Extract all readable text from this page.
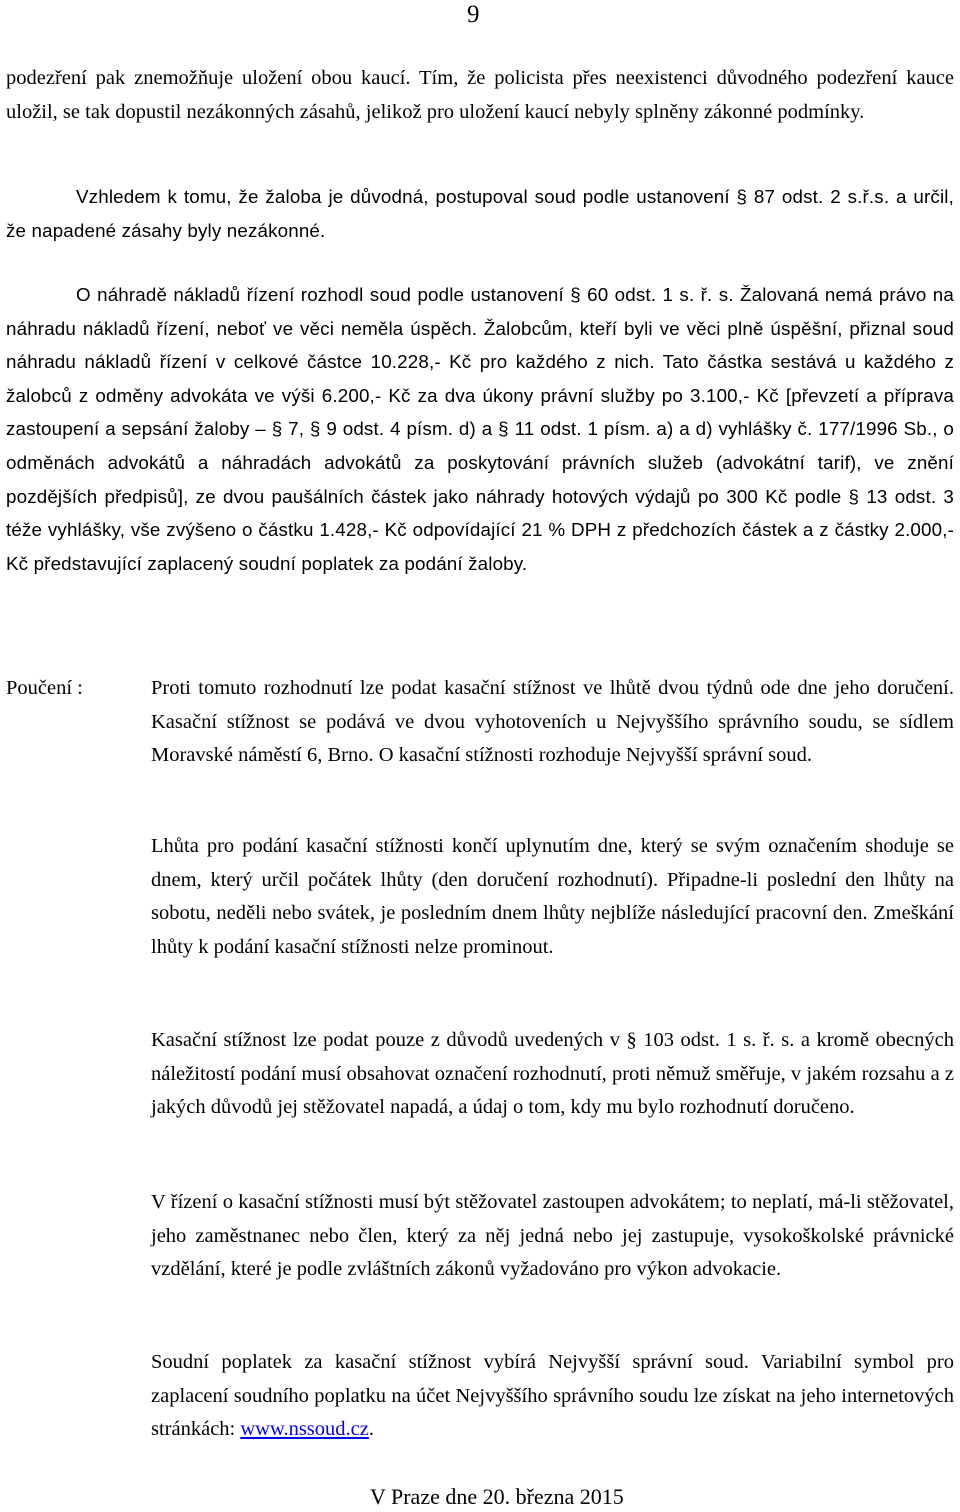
9

podezření pak znemožňuje uložení obou kaucí. Tím, že policista přes neexistenci důvodného podezření kauce uložil, se tak dopustil nezákonných zásahů, jelikož pro uložení kaucí nebyly splněny zákonné podmínky.

Vzhledem k tomu, že žaloba je důvodná, postupoval soud podle ustanovení § 87 odst. 2 s.ř.s. a určil, že napadené zásahy byly nezákonné.

O náhradě nákladů řízení rozhodl soud podle ustanovení § 60 odst. 1 s. ř. s. Žalovaná nemá právo na náhradu nákladů řízení, neboť ve věci neměla úspěch. Žalobcům, kteří byli ve věci plně úspěšní, přiznal soud náhradu nákladů řízení v celkové částce 10.228,- Kč pro každého z nich. Tato částka sestává u každého z žalobců z odměny advokáta ve výši 6.200,- Kč za dva úkony právní služby po 3.100,- Kč [převzetí a příprava zastoupení a sepsání žaloby – § 7, § 9 odst. 4 písm. d) a § 11 odst. 1 písm. a) a d) vyhlášky č. 177/1996 Sb., o odměnách advokátů a náhradách advokátů za poskytování právních služeb (advokátní tarif), ve znění pozdějších předpisů], ze dvou paušálních částek jako náhrady hotových výdajů po 300 Kč podle § 13 odst. 3 téže vyhlášky, vše zvýšeno o částku 1.428,- Kč odpovídající 21 % DPH z předchozích částek a z částky 2.000,- Kč představující zaplacený soudní poplatek za podání žaloby.

Poučení :	Proti tomuto rozhodnutí lze podat kasační stížnost ve lhůtě dvou týdnů ode dne jeho doručení. Kasační stížnost se podává ve dvou vyhotoveních u Nejvyššího správního soudu, se sídlem Moravské náměstí 6, Brno. O kasační stížnosti rozhoduje Nejvyšší správní soud.

Lhůta pro podání kasační stížnosti končí uplynutím dne, který se svým označením shoduje se dnem, který určil počátek lhůty (den doručení rozhodnutí). Připadne-li poslední den lhůty na sobotu, neděli nebo svátek, je posledním dnem lhůty nejblíže následující pracovní den. Zmeškání lhůty k podání kasační stížnosti nelze prominout.

Kasační stížnost lze podat pouze z důvodů uvedených v § 103 odst. 1 s. ř. s. a kromě obecných náležitostí podání musí obsahovat označení rozhodnutí, proti němuž směřuje, v jakém rozsahu a z jakých důvodů jej stěžovatel napadá, a údaj o tom, kdy mu bylo rozhodnutí doručeno.

V řízení o kasační stížnosti musí být stěžovatel zastoupen advokátem; to neplatí, má-li stěžovatel, jeho zaměstnanec nebo člen, který za něj jedná nebo jej zastupuje, vysokoškolské právnické vzdělání, které je podle zvláštních zákonů vyžadováno pro výkon advokacie.

Soudní poplatek za kasační stížnost vybírá Nejvyšší správní soud. Variabilní symbol pro zaplacení soudního poplatku na účet Nejvyššího správního soudu lze získat na jeho internetových stránkách: www.nssoud.cz.

V Praze dne 20. března 2015
